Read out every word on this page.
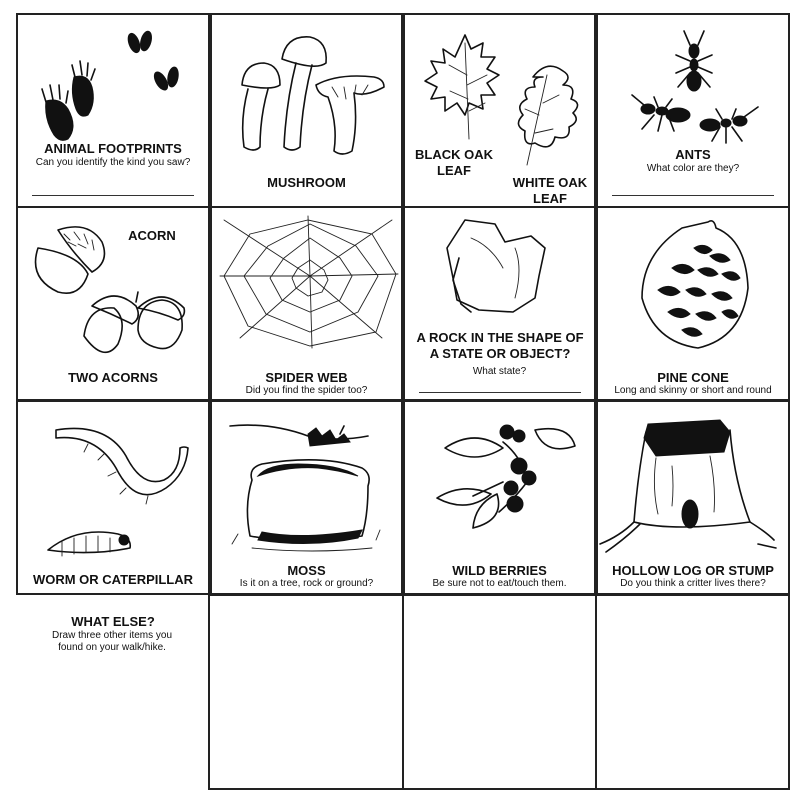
ANIMAL FOOTPRINTS
Can you identify the kind you saw?
MUSHROOM
BLACK OAK LEAF
WHITE OAK LEAF
ANTS
What color are they?
ACORN
TWO ACORNS	SPIDER WEB
Did you find the spider too?
A ROCK IN THE SHAPE OF A STATE OR OBJECT?
What state?	PINE CONE
Long and skinny or short and round
WORM OR CATERPILLAR
MOSS
Is it on a tree, rock or ground?
WILD BERRIES
Be sure not to eat/touch them.
HOLLOW LOG OR STUMP
Do you think a critter lives there?
WHAT ELSE?
Draw three other items you found on your walk/hike.
